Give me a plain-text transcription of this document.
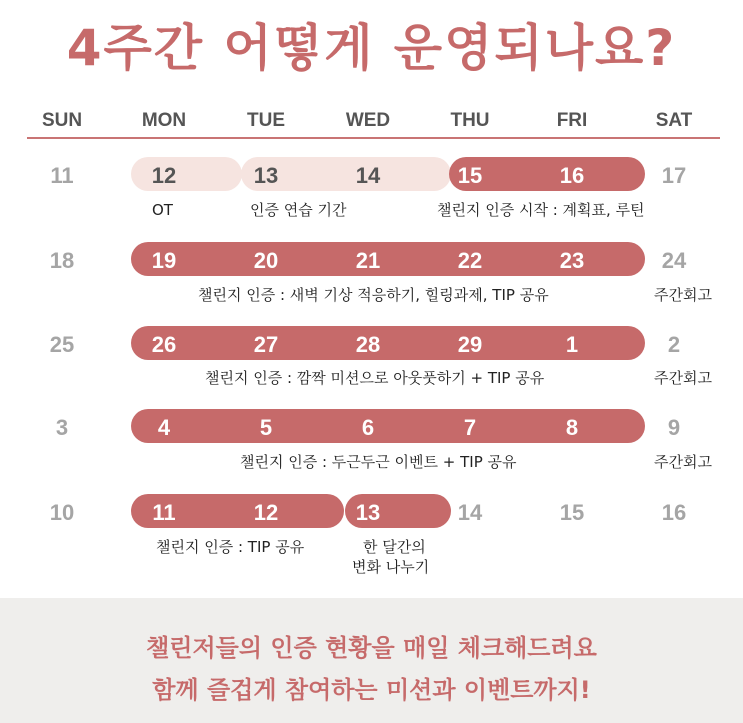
4주간 어떻게 운영되나요?
SUN	MON	TUE	WED	THU	FRI	SAT
11	12	13	14	15	16	17
OT	인증 연습 기간	챌린지 인증 시작 : 계획표, 루틴
18	19	20	21	22	23	24
챌린지 인증 : 새벽 기상 적응하기, 힐링과제, TIP 공유	주간회고
25	26	27	28	29	1	2
챌린지 인증 : 깜짝 미션으로 아웃풋하기 + TIP 공유	주간회고
3	4	5	6	7	8	9
챌린지 인증 : 두근두근 이벤트 + TIP 공유	주간회고
10	11	12	13	14	15	16
챌린지 인증 : TIP 공유	한 달간의
변화 나누기
챌린저들의 인증 현황을 매일 체크해드려요
함께 즐겁게 참여하는 미션과 이벤트까지!
